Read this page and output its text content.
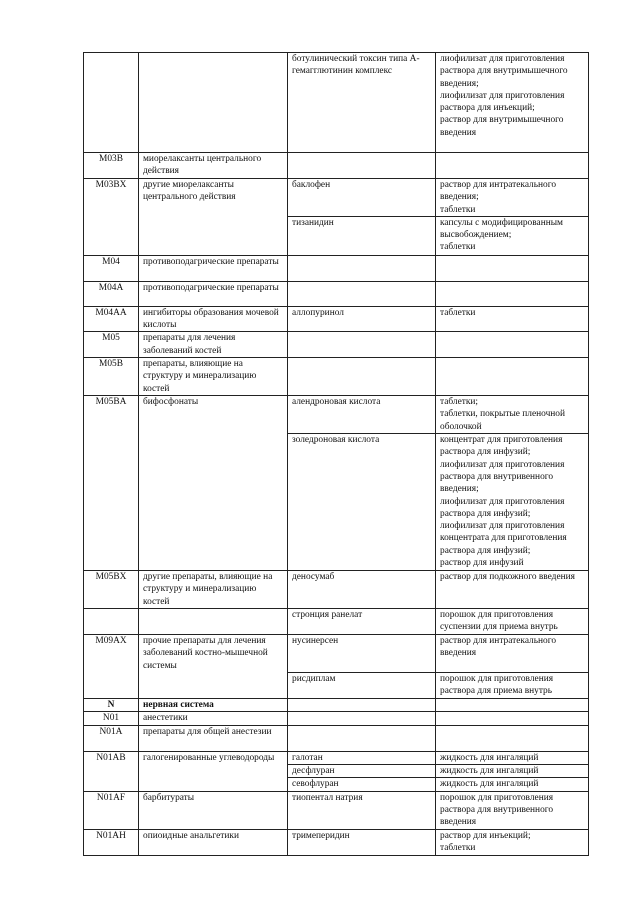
		ботулинический токсин типа А-гемагглютинин комплекс	лиофилизат для приготовления раствора для внутримышечного введения;
лиофилизат для приготовления раствора для инъекций;
раствор для внутримышечного введения
M03B	миорелаксанты центрального действия		
M03BX	другие миорелаксанты центрального действия	баклофен	раствор для интратекального введения;
таблетки
		тизанидин	капсулы с модифицированным высвобождением;
таблетки
M04	противоподагрические препараты		
M04A	противоподагрические препараты		
M04AA	ингибиторы образования мочевой кислоты	аллопуринол	таблетки
M05	препараты для лечения заболеваний костей		
M05B	препараты, влияющие на структуру и минерализацию костей		
M05BA	бифосфонаты	алендроновая кислота	таблетки;
таблетки, покрытые пленочной оболочкой
		золедроновая кислота	концентрат для приготовления раствора для инфузий;
лиофилизат для приготовления раствора для внутривенного введения;
лиофилизат для приготовления раствора для инфузий;
лиофилизат для приготовления концентрата для приготовления раствора для инфузий;
раствор для инфузий
M05BX	другие препараты, влияющие на структуру и минерализацию костей	деносумаб	раствор для подкожного введения
		стронция ранелат	порошок для приготовления суспензии для приема внутрь
M09AX	прочие препараты для лечения заболеваний костно-мышечной системы	нусинерсен	раствор для интратекального введения
		рисдиплам	порошок для приготовления раствора для приема внутрь
N	нервная система		
N01	анестетики		
N01A	препараты для общей анестезии		
N01AB	галогенированные углеводороды	галотан	жидкость для ингаляций
		десфлуран	жидкость для ингаляций
		севофлуран	жидкость для ингаляций
N01AF	барбитураты	тиопентал натрия	порошок для приготовления раствора для внутривенного введения
N01AH	опиоидные анальгетики	тримеперидин	раствор для инъекций;
таблетки
